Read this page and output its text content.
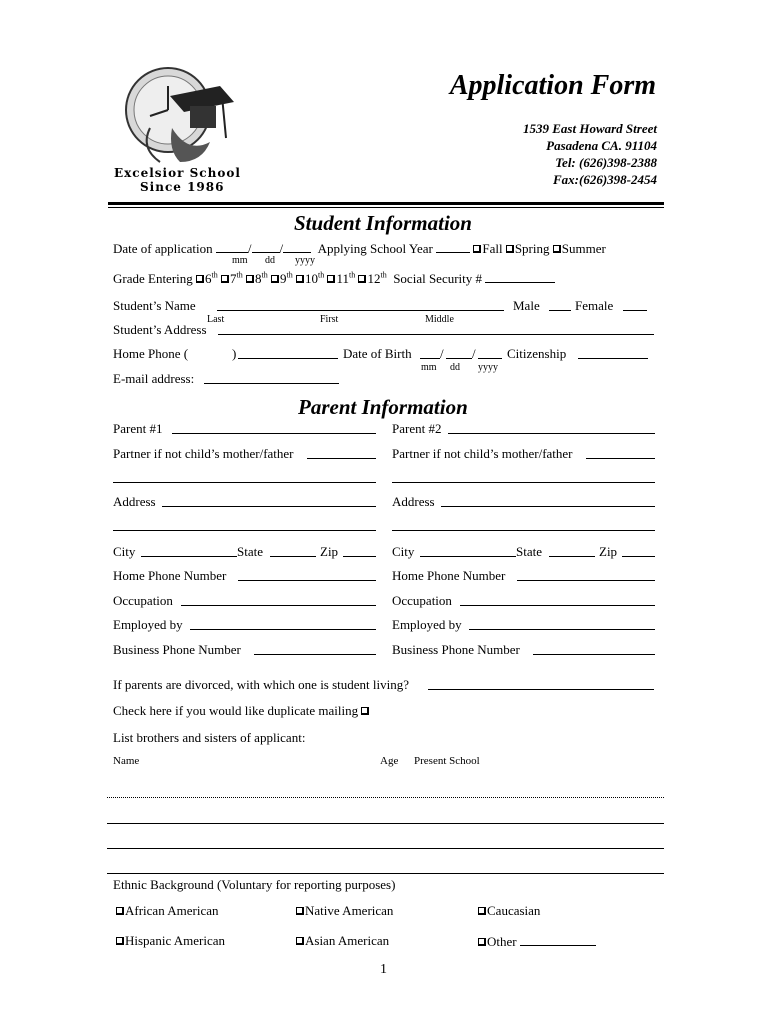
Excelsior School
Since 1986
Application Form
1539 East Howard Street
Pasadena CA. 91104
Tel: (626)398-2388
Fax:(626)398-2454
Student Information
Date of application	/ /	Applying School Year	Fall Spring Summer
mm dd yyyy
Grade Entering 6th 7th 8th 9th 10th 11th 12th Social Security #
Student’s Name	Male	Female
Last	First	Middle
Student’s Address
Home Phone (	)	Date of Birth / / Citizenship
mm dd yyyy
E-mail address:
Parent Information
Parent #1
Partner if not child’s mother/father
Address
City	State	Zip
Home Phone Number
Occupation
Employed by
Business Phone Number
Parent #2
Partner if not child’s mother/father
Address
City	State	Zip
Home Phone Number
Occupation
Employed by
Business Phone Number
If parents are divorced, with which one is student living?
Check here if you would like duplicate mailing
List brothers and sisters of applicant:
Name	Age Present School
Ethnic Background (Voluntary for reporting purposes)
African American	Native American	Caucasian
Hispanic American	Asian American	Other
1
